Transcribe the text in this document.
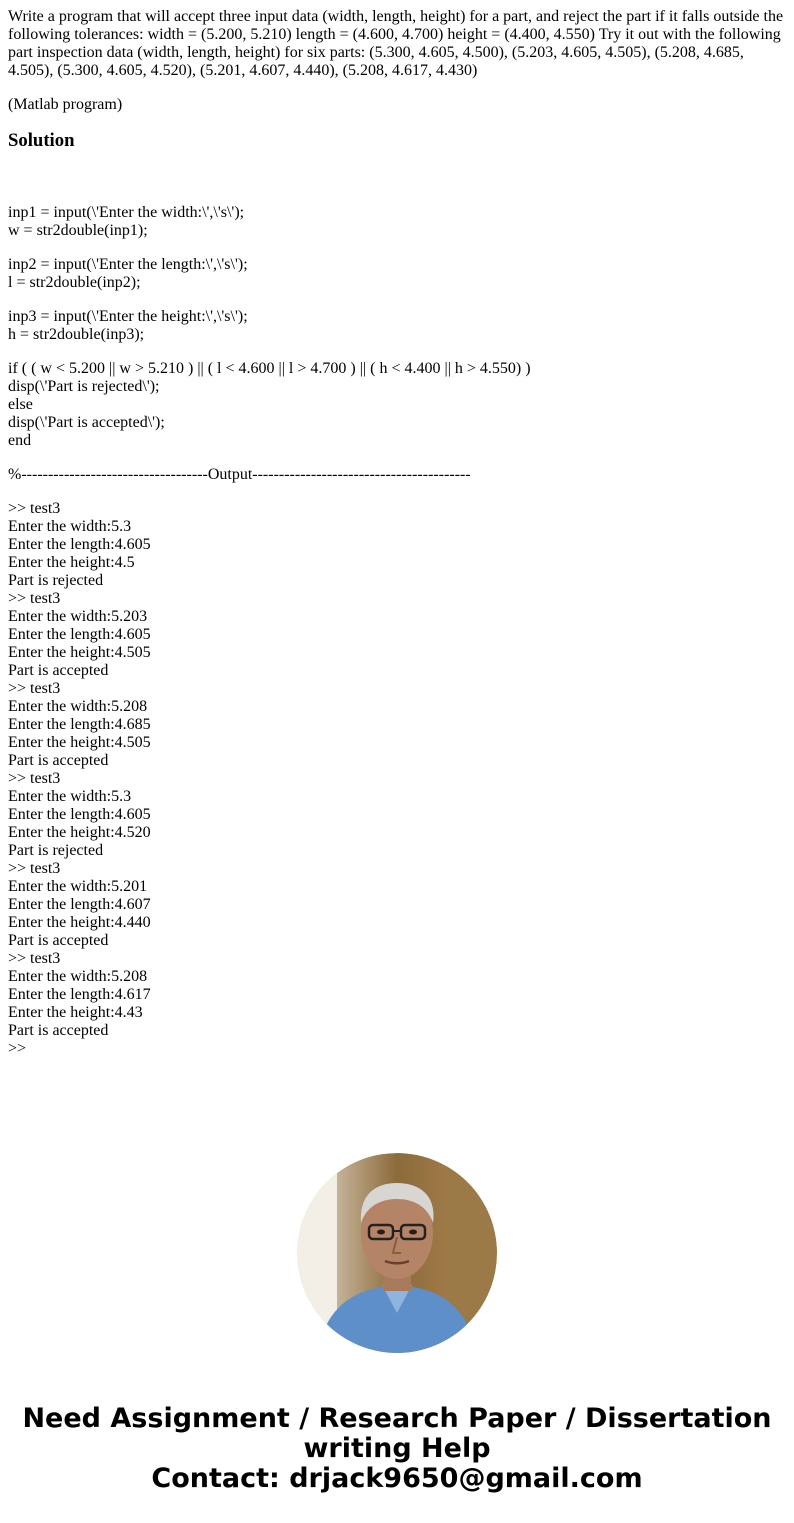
Write a program that will accept three input data (width, length, height) for a part, and reject the part if it falls outside the following tolerances: width = (5.200, 5.210) length = (4.600, 4.700) height = (4.400, 4.550) Try it out with the following part inspection data (width, length, height) for six parts: (5.300, 4.605, 4.500), (5.203, 4.605, 4.505), (5.208, 4.685, 4.505), (5.300, 4.605, 4.520), (5.201, 4.607, 4.440), (5.208, 4.617, 4.430)

(Matlab program)

Solution
inp1 = input(\'Enter the width:\',\'s\');
w = str2double(inp1);
inp2 = input(\'Enter the length:\',\'s\');
l = str2double(inp2);
inp3 = input(\'Enter the height:\',\'s\');
h = str2double(inp3);
if ( ( w < 5.200 || w > 5.210 ) || ( l < 4.600 || l > 4.700 ) || ( h < 4.400 || h > 4.550) )
disp(\'Part is rejected\');
else
disp(\'Part is accepted\');
end
%-----------------------------------Output-----------------------------------------
>> test3
Enter the width:5.3
Enter the length:4.605
Enter the height:4.5
Part is rejected
>> test3
Enter the width:5.203
Enter the length:4.605
Enter the height:4.505
Part is accepted
>> test3
Enter the width:5.208
Enter the length:4.685
Enter the height:4.505
Part is accepted
>> test3
Enter the width:5.3
Enter the length:4.605
Enter the height:4.520
Part is rejected
>> test3
Enter the width:5.201
Enter the length:4.607
Enter the height:4.440
Part is accepted
>> test3
Enter the width:5.208
Enter the length:4.617
Enter the height:4.43
Part is accepted
>>
Need Assignment / Research Paper / Dissertation
writing Help
Contact: drjack9650@gmail.com
